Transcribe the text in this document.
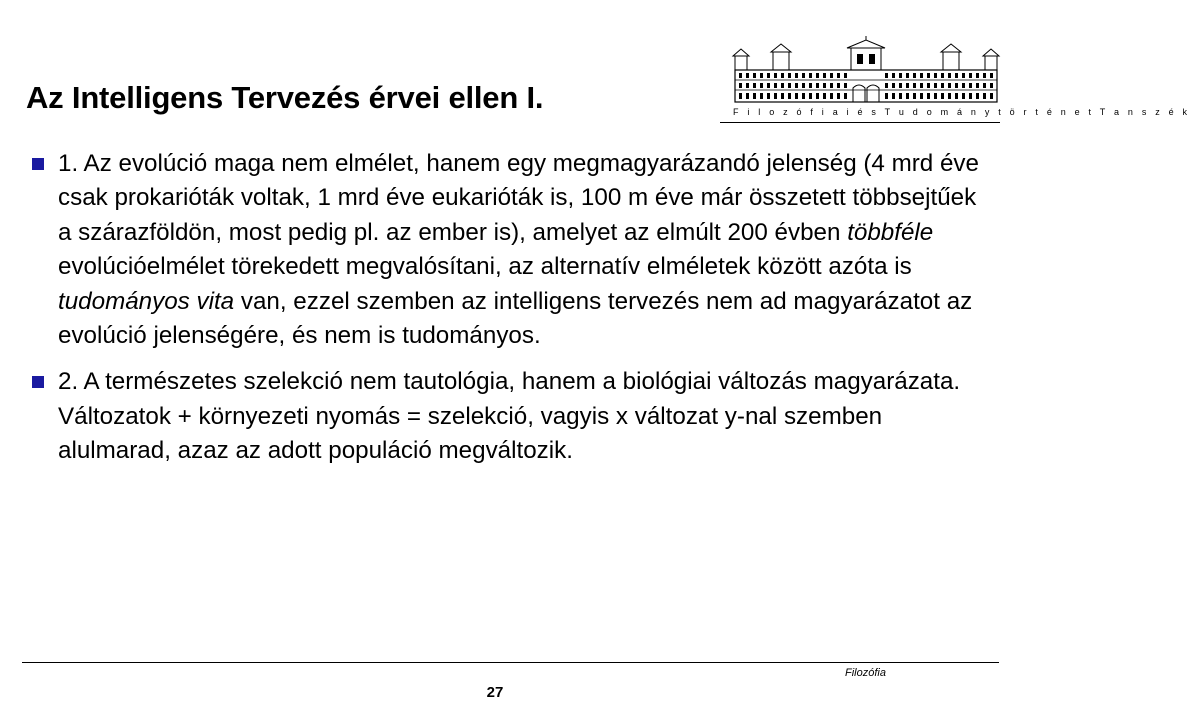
Az Intelligens Tervezés érvei ellen I.	F i l o z ó f i a i é s T u d o m á n y t ö r t é n e t T a n s z é k
1. Az evolúció maga nem elmélet, hanem egy megmagyarázandó jelenség (4 mrd éve csak prokarióták voltak, 1 mrd éve eukarióták is, 100 m éve már összetett többsejtűek a szárazföldön, most pedig pl. az ember is), amelyet az elmúlt 200 évben többféle evolúcióelmélet törekedett megvalósítani, az alternatív elméletek között azóta is tudományos vita van, ezzel szemben az intelligens tervezés nem ad magyarázatot az evolúció jelenségére, és nem is tudományos.
2. A természetes szelekció nem tautológia, hanem a biológiai változás magyarázata. Változatok + környezeti nyomás = szelekció, vagyis x változat y-nal szemben alulmarad, azaz az adott populáció megváltozik.
Filozófia
27
